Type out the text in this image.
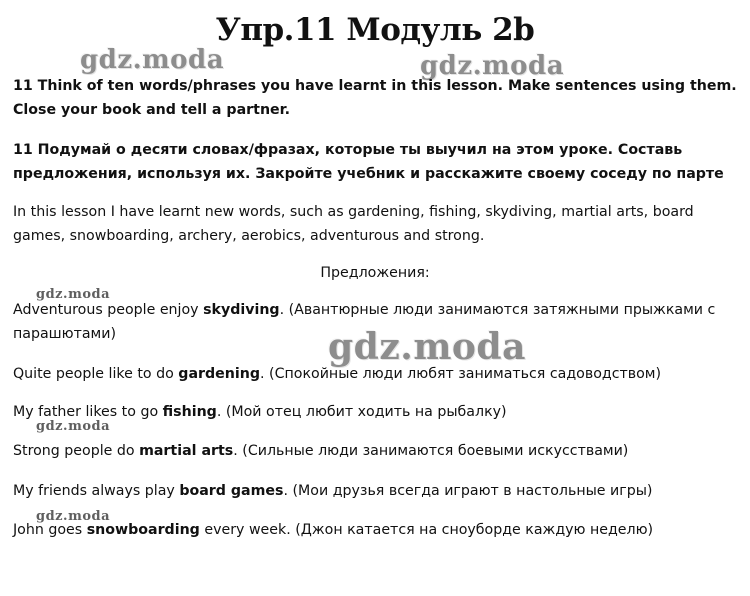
Упр.11 Модуль 2b
gdz.moda	gdz.moda
gdz.moda
gdz.moda
gdz.moda
gdz.moda

11 Think of ten words/phrases you have learnt in this lesson. Make sentences using them. Close your book and tell a partner.

11 Подумай о десяти словах/фразах, которые ты выучил на этом уроке. Составь предложения, используя их. Закройте учебник и расскажите своему соседу по парте

In this lesson I have learnt new words, such as gardening, fishing, skydiving, martial arts, board games, snowboarding, archery, aerobics, adventurous and strong.

Предложения:

Adventurous people enjoy skydiving. (Авантюрные люди занимаются затяжными прыжками с парашютами)

Quite people like to do gardening. (Спокойные люди любят заниматься садоводством)

My father likes to go fishing. (Мой отец любит ходить на рыбалку)

Strong people do martial arts. (Сильные люди занимаются боевыми искусствами)

My friends always play board games. (Мои друзья всегда играют в настольные игры)

John goes snowboarding every week. (Джон катается на сноуборде каждую неделю)
